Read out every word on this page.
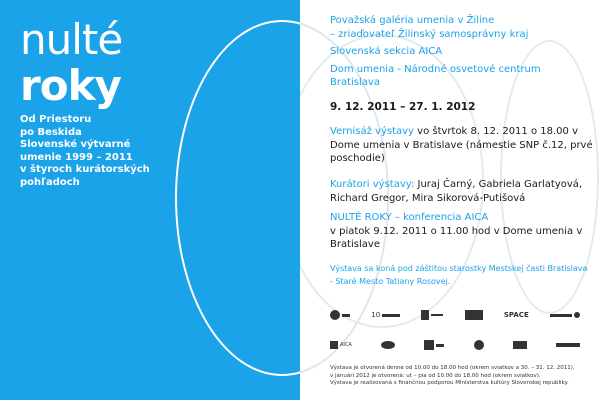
nulté
roky
Od Priestoru
po Beskida
Slovenské výtvarné
umenie 1999 – 2011
v štyroch kurátorských
pohľadoch
Považská galéria umenia v Žiline
– zriaďovateľ Žilinský samosprávny kraj
Slovenská sekcia AICA
Dom umenia - Národné osvetové centrum
Bratislava
9. 12. 2011 – 27. 1. 2012
Vernisáž výstavy vo štvrtok 8. 12. 2011 o 18.00 v Dome umenia v Bratislave (námestie SNP č.12, prvé poschodie)
Kurátori výstavy: Juraj Čarný, Gabriela Garlatyová, Richard Gregor, Mira Sikorová-Putišová
NULTÉ ROKY – konferencia AICA
v piatok 9.12. 2011 o 11.00 hod v Dome umenia v Bratislave
Výstava sa koná pod záštitou starostky Mestskej časti Bratislava - Staré Mesto Tatiany Rosovej.
10	SPACE
AICA
Výstava je otvorená denne od 10.00 do 18.00 hod (okrem sviatkov a 30. – 31. 12. 2011),
v januári 2012 je otvorená: ut – pia od 10.00 do 18.00 hod (okrem sviatkov).
Výstava je realizovaná s finančnou podporou Ministerstva kultúry Slovenskej republiky.
